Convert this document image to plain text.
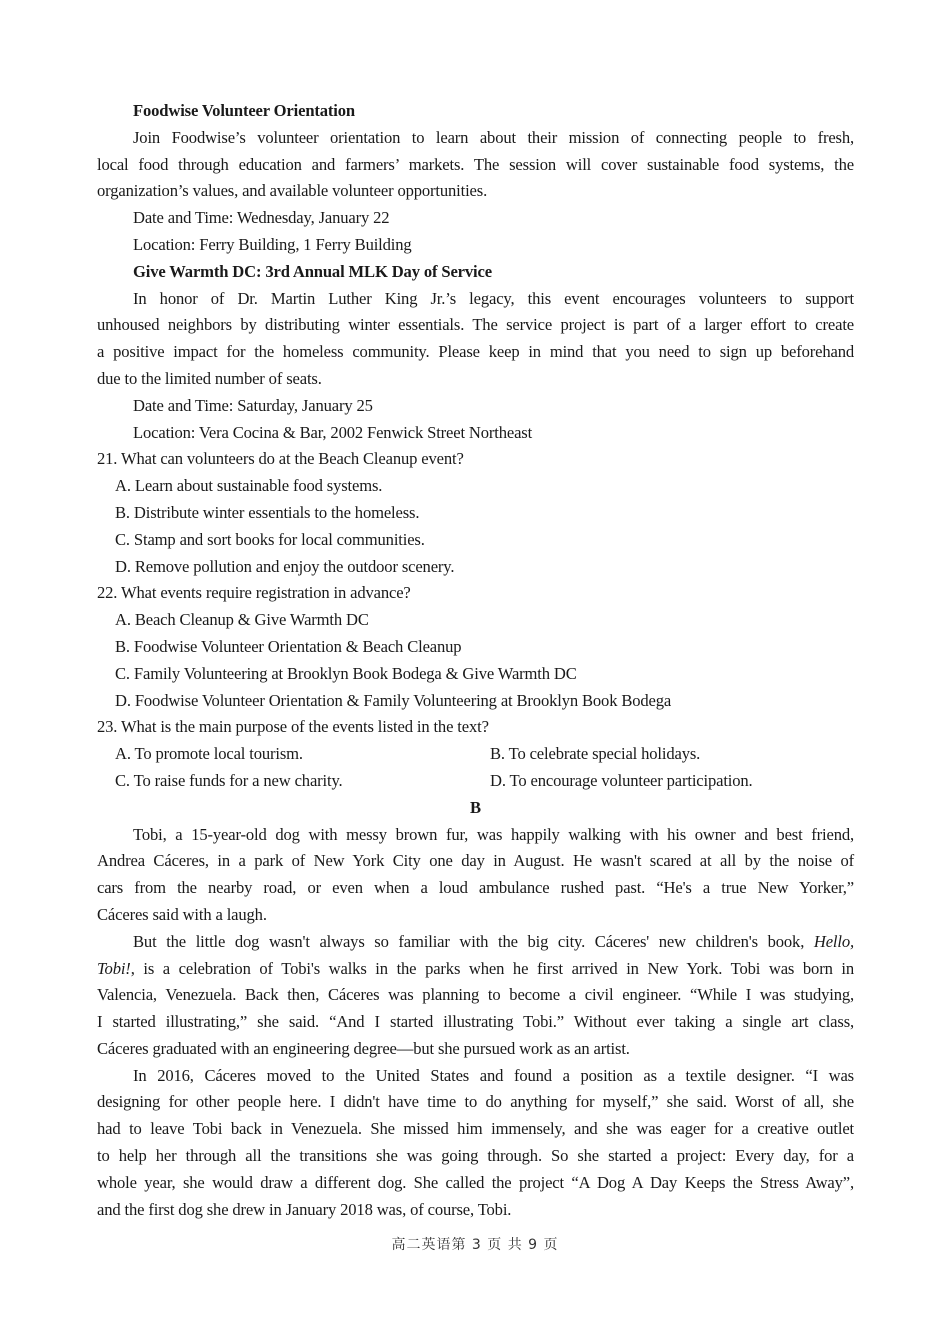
Foodwise Volunteer Orientation
Join Foodwise’s volunteer orientation to learn about their mission of connecting people to fresh,
local food through education and farmers’ markets. The session will cover sustainable food systems, the
organization’s values, and available volunteer opportunities.
Date and Time: Wednesday, January 22
Location: Ferry Building, 1 Ferry Building
Give Warmth DC: 3rd Annual MLK Day of Service
In honor of Dr. Martin Luther King Jr.’s legacy, this event encourages volunteers to support
unhoused neighbors by distributing winter essentials. The service project is part of a larger effort to create
a positive impact for the homeless community. Please keep in mind that you need to sign up beforehand
due to the limited number of seats.
Date and Time: Saturday, January 25
Location: Vera Cocina & Bar, 2002 Fenwick Street Northeast
21. What can volunteers do at the Beach Cleanup event?
A. Learn about sustainable food systems.
B. Distribute winter essentials to the homeless.
C. Stamp and sort books for local communities.
D. Remove pollution and enjoy the outdoor scenery.
22. What events require registration in advance?
A. Beach Cleanup & Give Warmth DC
B. Foodwise Volunteer Orientation & Beach Cleanup
C. Family Volunteering at Brooklyn Book Bodega & Give Warmth DC
D. Foodwise Volunteer Orientation & Family Volunteering at Brooklyn Book Bodega
23. What is the main purpose of the events listed in the text?
A. To promote local tourism.	B. To celebrate special holidays.
C. To raise funds for a new charity.	D. To encourage volunteer participation.
B
Tobi, a 15-year-old dog with messy brown fur, was happily walking with his owner and best friend,
Andrea Cáceres, in a park of New York City one day in August. He wasn't scared at all by the noise of
cars from the nearby road, or even when a loud ambulance rushed past. “He's a true New Yorker,”
Cáceres said with a laugh.
But the little dog wasn't always so familiar with the big city. Cáceres' new children's book, Hello,
Tobi!, is a celebration of Tobi's walks in the parks when he first arrived in New York. Tobi was born in
Valencia, Venezuela. Back then, Cáceres was planning to become a civil engineer. “While I was studying,
I started illustrating,” she said. “And I started illustrating Tobi.” Without ever taking a single art class,
Cáceres graduated with an engineering degree—but she pursued work as an artist.
In 2016, Cáceres moved to the United States and found a position as a textile designer. “I was
designing for other people here. I didn't have time to do anything for myself,” she said. Worst of all, she
had to leave Tobi back in Venezuela. She missed him immensely, and she was eager for a creative outlet
to help her through all the transitions she was going through. So she started a project: Every day, for a
whole year, she would draw a different dog. She called the project “A Dog A Day Keeps the Stress Away”,
and the first dog she drew in January 2018 was, of course, Tobi.
高二英语第 3 页 共 9 页
